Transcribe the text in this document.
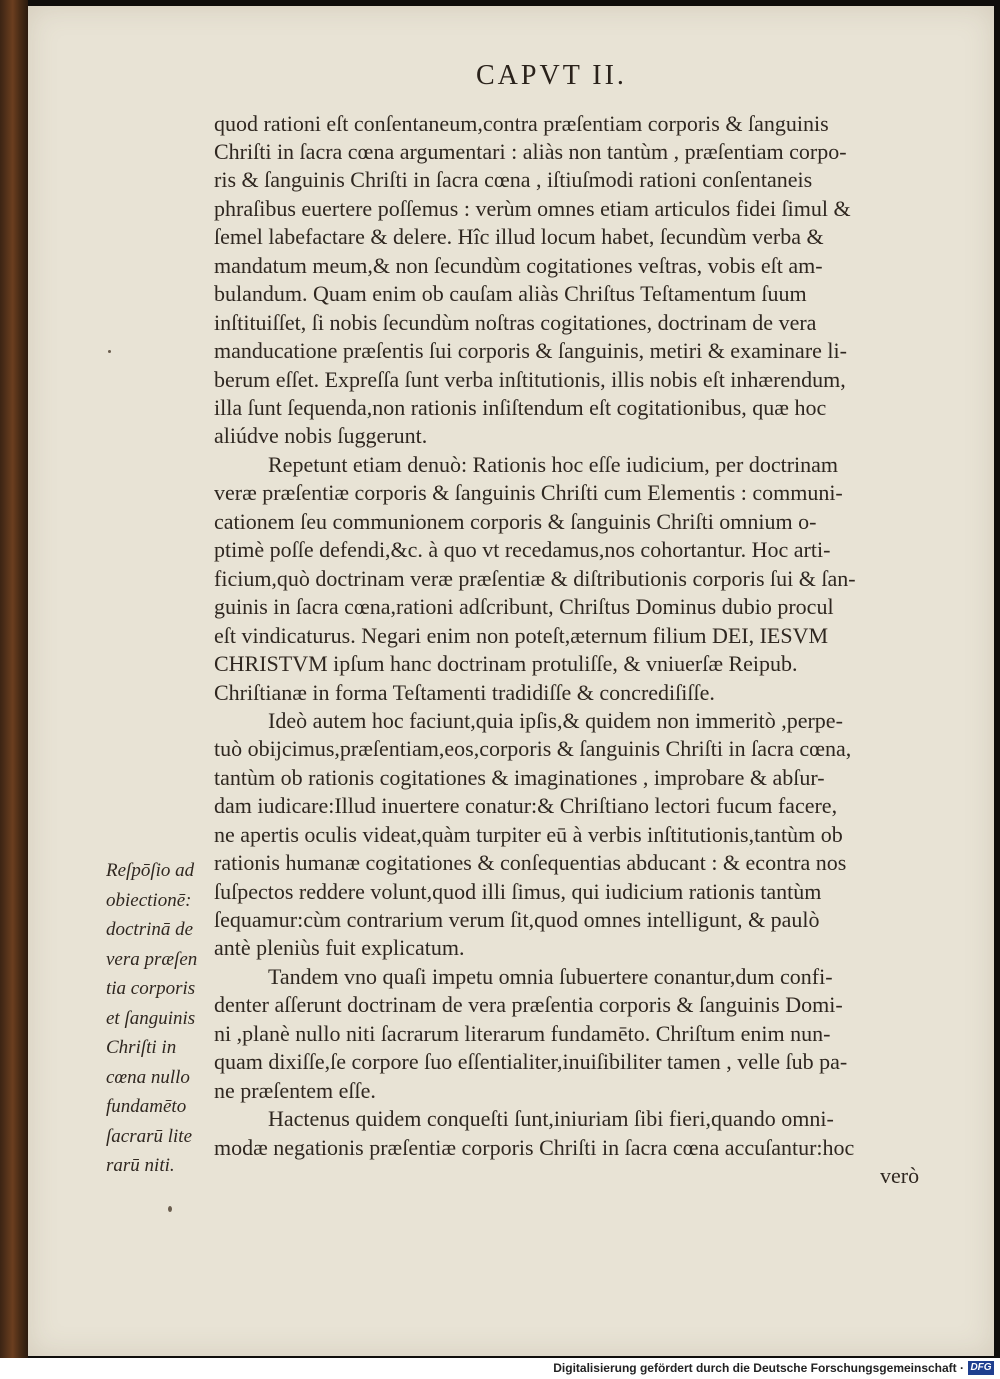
CAPVT II.
quod rationi eſt conſentaneum,contra præſentiam corporis & ſanguinis
Chriſti in ſacra cœna argumentari : aliàs non tantùm , præſentiam corpo-
ris & ſanguinis Chriſti in ſacra cœna , iſtiuſmodi rationi conſentaneis
phraſibus euertere poſſemus : verùm omnes etiam articulos fidei ſimul &
ſemel labefactare & delere. Hîc illud locum habet, ſecundùm verba &
mandatum meum,& non ſecundùm cogitationes veſtras, vobis eſt am-
bulandum. Quam enim ob cauſam aliàs Chriſtus Teſtamentum ſuum
inſtituiſſet, ſi nobis ſecundùm noſtras cogitationes, doctrinam de vera
manducatione præſentis ſui corporis & ſanguinis, metiri & examinare li-
berum eſſet. Expreſſa ſunt verba inſtitutionis, illis nobis eſt inhærendum,
illa ſunt ſequenda,non rationis inſiſtendum eſt cogitationibus, quæ hoc
aliúdve nobis ſuggerunt.
Repetunt etiam denuò: Rationis hoc eſſe iudicium, per doctrinam
veræ præſentiæ corporis & ſanguinis Chriſti cum Elementis : communi-
cationem ſeu communionem corporis & ſanguinis Chriſti omnium o-
ptimè poſſe defendi,&c. à quo vt recedamus,nos cohortantur. Hoc arti-
ficium,quò doctrinam veræ præſentiæ & diſtributionis corporis ſui & ſan-
guinis in ſacra cœna,rationi adſcribunt, Chriſtus Dominus dubio procul
eſt vindicaturus. Negari enim non poteſt,æternum filium DEI, IESVM
CHRISTVM ipſum hanc doctrinam protuliſſe, & vniuerſæ Reipub.
Chriſtianæ in forma Teſtamenti tradidiſſe & concrediſiſſe.
Ideò autem hoc faciunt,quia ipſis,& quidem non immeritò ,perpe-
tuò obijcimus,præſentiam,eos,corporis & ſanguinis Chriſti in ſacra cœna,
tantùm ob rationis cogitationes & imaginationes , improbare & abſur-
dam iudicare:Illud inuertere conatur:& Chriſtiano lectori fucum facere,
ne apertis oculis videat,quàm turpiter eū à verbis inſtitutionis,tantùm ob
rationis humanæ cogitationes & conſequentias abducant : & econtra nos
ſuſpectos reddere volunt,quod illi ſimus, qui iudicium rationis tantùm
ſequamur:cùm contrarium verum ſit,quod omnes intelligunt, & paulò
antè pleniùs fuit explicatum.
Tandem vno quaſi impetu omnia ſubuertere conantur,dum confi-
denter aſſerunt doctrinam de vera præſentia corporis & ſanguinis Domi-
ni ,planè nullo niti ſacrarum literarum fundamēto. Chriſtum enim nun-
quam dixiſſe,ſe corpore ſuo eſſentialiter,inuiſibiliter tamen , velle ſub pa-
ne præſentem eſſe.
Hactenus quidem conqueſti ſunt,iniuriam ſibi fieri,quando omni-
modæ negationis præſentiæ corporis Chriſti in ſacra cœna accuſantur:hoc
verò
Reſpōſio ad
obiectionē:
doctrinā de
vera præſen
tia corporis
et ſanguinis
Chriſti in
cœna nullo
fundamēto
ſacrarū lite
rarū niti.
Digitalisierung gefördert durch die Deutsche Forschungsgemeinschaft · DFG
